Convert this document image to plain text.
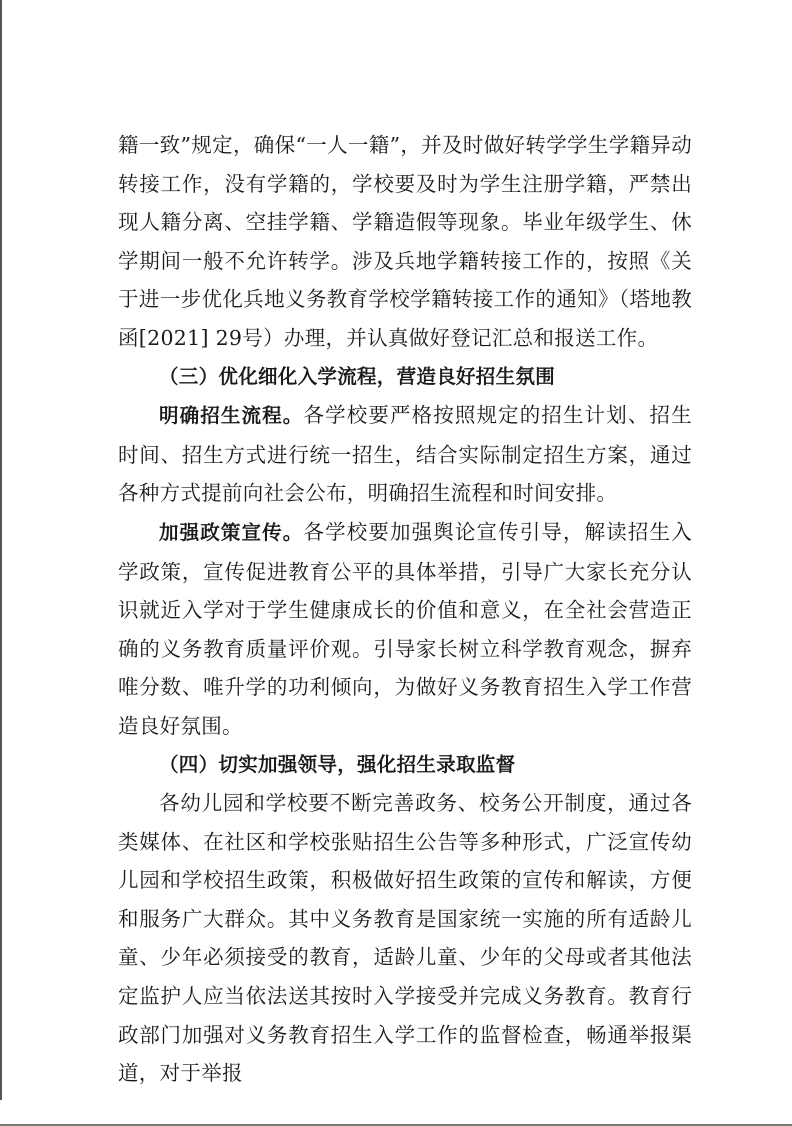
籍一致”规定，确保“一人一籍”，并及时做好转学学生学籍异动转接工作，没有学籍的，学校要及时为学生注册学籍，严禁出现人籍分离、空挂学籍、学籍造假等现象。毕业年级学生、休学期间一般不允许转学。涉及兵地学籍转接工作的，按照《关于进一步优化兵地义务教育学校学籍转接工作的通知》（塔地教函[2021] 29号）办理，并认真做好登记汇总和报送工作。

（三）优化细化入学流程，营造良好招生氛围

明确招生流程。各学校要严格按照规定的招生计划、招生时间、招生方式进行统一招生，结合实际制定招生方案，通过各种方式提前向社会公布，明确招生流程和时间安排。

加强政策宣传。各学校要加强舆论宣传引导，解读招生入学政策，宣传促进教育公平的具体举措，引导广大家长充分认识就近入学对于学生健康成长的价值和意义，在全社会营造正确的义务教育质量评价观。引导家长树立科学教育观念，摒弃唯分数、唯升学的功利倾向，为做好义务教育招生入学工作营造良好氛围。

（四）切实加强领导，强化招生录取监督

各幼儿园和学校要不断完善政务、校务公开制度，通过各类媒体、在社区和学校张贴招生公告等多种形式，广泛宣传幼儿园和学校招生政策，积极做好招生政策的宣传和解读，方便和服务广大群众。其中义务教育是国家统一实施的所有适龄儿童、少年必须接受的教育，适龄儿童、少年的父母或者其他法定监护人应当依法送其按时入学接受并完成义务教育。教育行政部门加强对义务教育招生入学工作的监督检查，畅通举报渠道，对于举报
